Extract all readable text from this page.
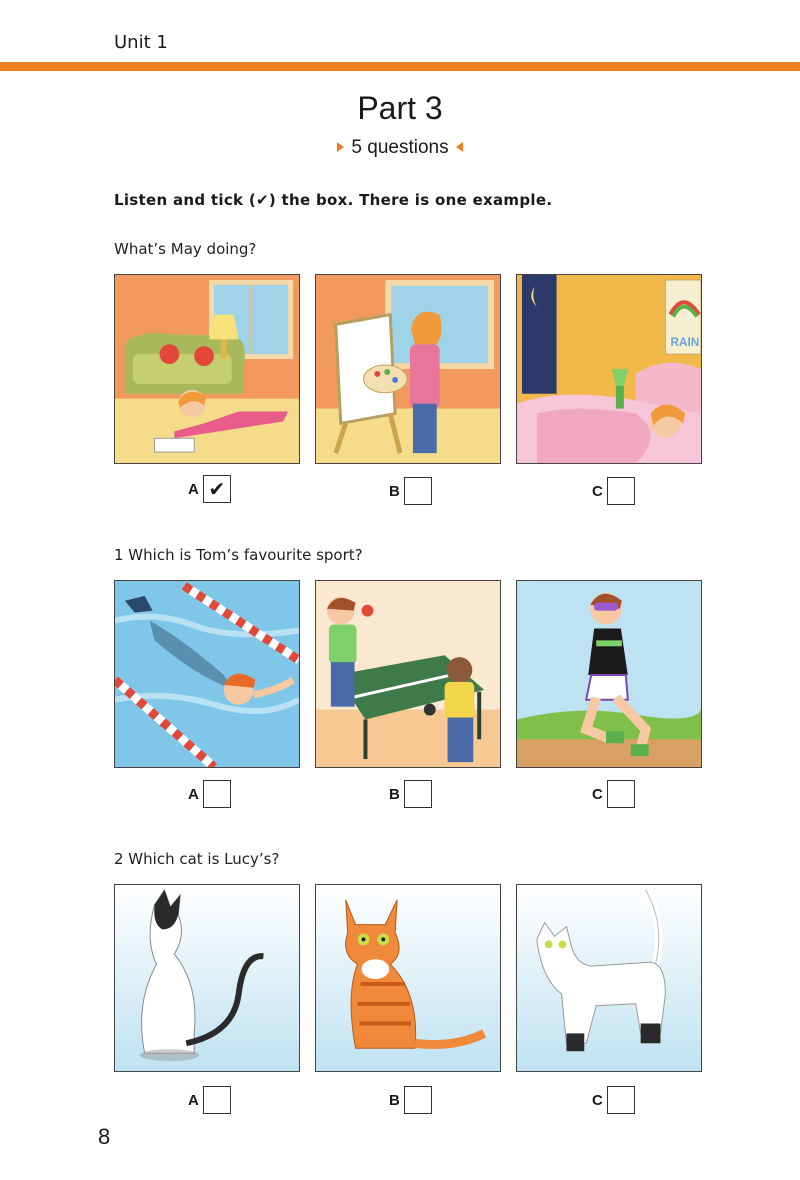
Unit 1
Part 3
5 questions
Listen and tick (✔) the box. There is one example.
What’s May doing?
RAIN
A ✔	B	C
1 Which is Tom’s favourite sport?
A	B	C
2 Which cat is Lucy’s?
A	B	C
8
